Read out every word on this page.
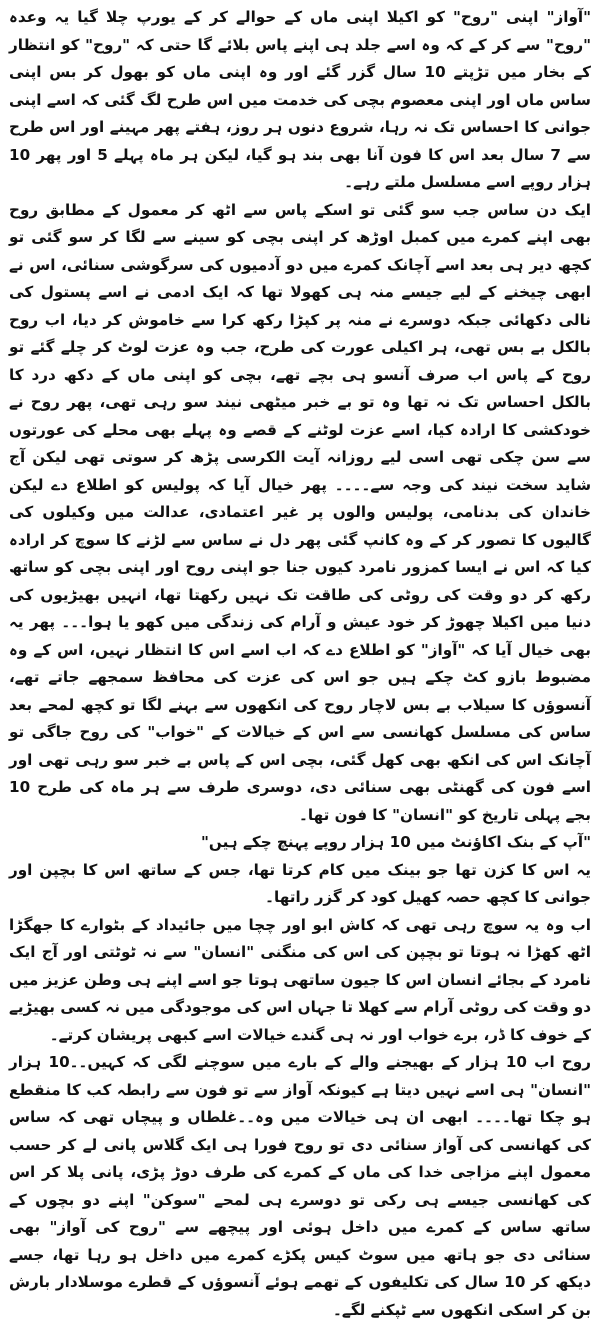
"آواز" اپنی "روح" کو اکیلا اپنی ماں کے حوالے کر کے یورپ چلا گیا یہ وعدہ "روح" سے کر کے کہ وہ اسے جلد ہی اپنے پاس بلائے گا حتی کہ "روح" کو انتظار کے بخار میں تڑپتے 10 سال گزر گئے اور وہ اپنی ماں کو بھول کر بس اپنی ساس ماں اور اپنی معصوم بچی کی خدمت میں اس طرح لگ گئی کہ اسے اپنی جوانی کا احساس تک نہ رہا، شروع دنوں ہر روز، ہفتے پھر مہینے اور اس طرح سے 7 سال بعد اس کا فون آنا بھی بند ہو گیا، لیکن ہر ماہ پہلے 5 اور پھر 10 ہزار روپے اسے مسلسل ملتے رہے۔

ایک دن ساس جب سو گئی تو اسکے پاس سے اٹھ کر معمول کے مطابق روح بھی اپنے کمرے میں کمبل اوڑھ کر اپنی بچی کو سینے سے لگا کر سو گئی تو کچھ دیر ہی بعد اسے آچانک کمرے میں دو آدمیوں کی سرگوشی سنائی، اس نے ابھی چیخنے کے لیے جیسے منہ ہی کھولا تھا کہ ایک ادمی نے اسے پستول کی نالی دکھائی جبکہ دوسرے نے منہ پر کپڑا رکھ کرا سے خاموش کر دیا، اب روح بالکل بے بس تھی، ہر اکیلی عورت کی طرح، جب وہ عزت لوٹ کر چلے گئے تو روح کے پاس اب صرف آنسو ہی بچے تھے، بچی کو اپنی ماں کے دکھ درد کا بالکل احساس تک نہ تھا وہ تو بے خبر میٹھی نیند سو رہی تھی، پھر روح نے خودکشی کا ارادہ کیا، اسے عزت لوٹنے کے قصے وہ پہلے بھی محلے کی عورتوں سے سن چکی تھی اسی لیے روزانہ آیت الکرسی پڑھ کر سوتی تھی لیکن آج شاید سخت نیند کی وجہ سے۔۔۔۔ پھر خیال آیا کہ پولیس کو اطلاع دے لیکن خاندان کی بدنامی، پولیس والوں پر غیر اعتمادی، عدالت میں وکیلوں کی گالیوں کا تصور کر کے وہ کانپ گئی پھر دل نے ساس سے لڑنے کا سوچ کر ارادہ کیا کہ اس نے ایسا کمزور نامرد کیوں جنا جو اپنی روح اور اپنی بچی کو ساتھ رکھ کر دو وقت کی روٹی کی طاقت تک نہیں رکھتا تھا، انہیں بھیڑیوں کی دنیا میں اکیلا چھوڑ کر خود عیش و آرام کی زندگی میں کھو یا ہوا۔۔۔ پھر یہ بھی خیال آیا کہ "آواز" کو اطلاع دے کہ اب اسے اس کا انتظار نہیں، اس کے وہ مضبوط بازو کٹ چکے ہیں جو اس کی عزت کی محافظ سمجھے جاتے تھے، آنسوؤں کا سیلاب بے بس لاچار روح کی انکھوں سے بہنے لگا تو کچھ لمحے بعد ساس کی مسلسل کھانسی سے اس کے خیالات کے "خواب" کی روح جاگی تو آچانک اس کی انکھ بھی کھل گئی، بچی اس کے پاس بے خبر سو رہی تھی اور اسے فون کی گھنٹی بھی سنائی دی، دوسری طرف سے ہر ماہ کی طرح 10 بجے پہلی تاریخ کو "انسان" کا فون تھا۔

"آپ کے بنک اکاؤنٹ میں 10 ہزار روپے پہنچ چکے ہیں"

یہ اس کا کزن تھا جو بینک میں کام کرتا تھا، جس کے ساتھ اس کا بچپن اور جوانی کا کچھ حصہ کھیل کود کر گزر راتھا۔

اب وہ یہ سوچ رہی تھی کہ کاش ابو اور چچا میں جائیداد کے بٹوارے کا جھگڑا اٹھ کھڑا نہ ہوتا تو بچپن کی اس کی منگنی "انسان" سے نہ ٹوٹتی اور آج ایک نامرد کے بجائے انسان اس کا جیون ساتھی ہوتا جو اسے اپنے ہی وطن عزیز میں دو وقت کی روٹی آرام سے کھلا تا جہاں اس کی موجودگی میں نہ کسی بھیڑیے کے خوف کا ڈر، برے خواب اور نہ ہی گندے خیالات اسے کبھی پریشان کرتے۔

روح اب 10 ہزار کے بھیجنے والے کے بارے میں سوچنے لگی کہ کہیں۔۔10 ہزار "انسان" ہی اسے نہیں دیتا ہے کیونکہ آواز سے تو فون سے رابطہ کب کا منقطع ہو چکا تھا۔۔۔۔ ابھی ان ہی خیالات میں وہ۔۔غلطاں و پیچاں تھی کہ ساس کی کھانسی کی آواز سنائی دی تو روح فورا ہی ایک گلاس پانی لے کر حسب معمول اپنے مزاجی خدا کی ماں کے کمرے کی طرف دوڑ پڑی، پانی پلا کر اس کی کھانسی جیسے ہی رکی تو دوسرے ہی لمحے "سوکن" اپنے دو بچوں کے ساتھ ساس کے کمرے میں داخل ہوئی اور پیچھے سے "روح کی آواز" بھی سنائی دی جو ہاتھ میں سوٹ کیس پکڑے کمرے میں داخل ہو رہا تھا، جسے دیکھ کر 10 سال کی تکلیفوں کے تھمے ہوئے آنسوؤں کے قطرے موسلادار بارش بن کر اسکی انکھوں سے ٹپکنے لگے۔
